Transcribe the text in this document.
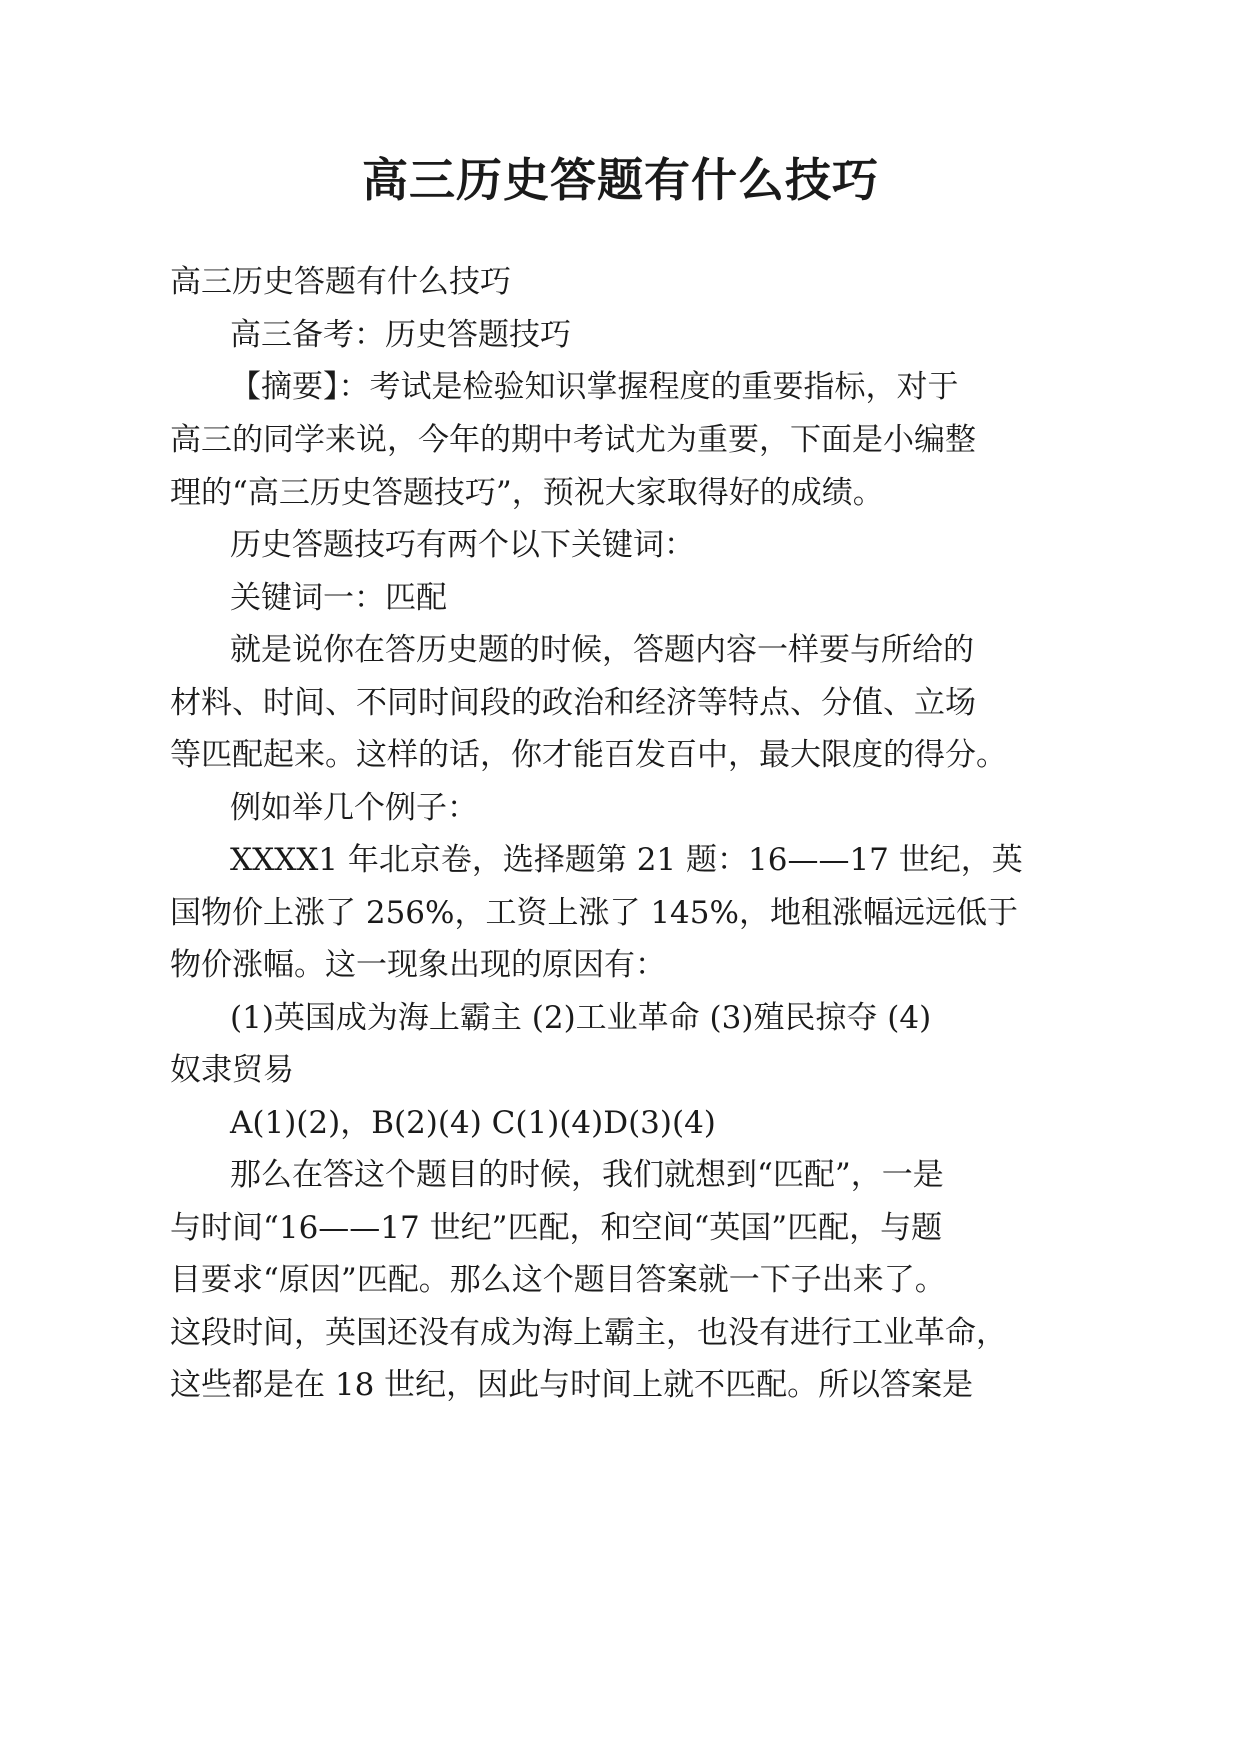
高三历史答题有什么技巧

高三历史答题有什么技巧

高三备考：历史答题技巧

【摘要】：考试是检验知识掌握程度的重要指标，对于

高三的同学来说，今年的期中考试尤为重要，下面是小编整

理的“高三历史答题技巧”，预祝大家取得好的成绩。

历史答题技巧有两个以下关键词：

关键词一：匹配

就是说你在答历史题的时候，答题内容一样要与所给的

材料、时间、不同时间段的政治和经济等特点、分值、立场

等匹配起来。这样的话，你才能百发百中，最大限度的得分。

例如举几个例子：

XXXX1 年北京卷，选择题第 21 题：16——17 世纪，英

国物价上涨了 256%，工资上涨了 145%，地租涨幅远远低于

物价涨幅。这一现象出现的原因有：

(1)英国成为海上霸主 (2)工业革命 (3)殖民掠夺 (4)

奴隶贸易

A(1)(2)，B(2)(4) C(1)(4)D(3)(4)

那么在答这个题目的时候，我们就想到“匹配”，一是

与时间“16——17 世纪”匹配，和空间“英国”匹配，与题

目要求“原因”匹配。那么这个题目答案就一下子出来了。

这段时间，英国还没有成为海上霸主，也没有进行工业革命，

这些都是在 18 世纪，因此与时间上就不匹配。所以答案是
